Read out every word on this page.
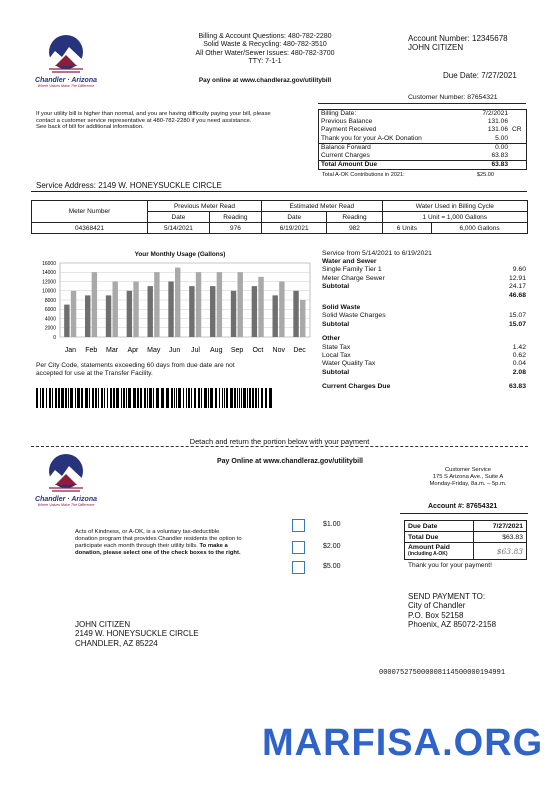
Chandler · Arizona
Where Values Make The Difference
Billing & Account Questions: 480-782-2280
Solid Waste & Recycling: 480-782-3510
All Other Water/Sewer Issues: 480-782-3700
TTY: 7-1-1
Pay online at www.chandleraz.gov/utilitybill
Account Number: 12345678
JOHN CITIZEN
Due Date: 7/27/2021
Customer Number: 87654321
If your utility bill is higher than normal, and you are having difficulty paying your bill, please contact a customer service representative at 480-782-2280 if you need assistance.
See back of bill for additional information.
Billing Date:	7/2/2021	
Previous Balance	131.06	
Payment Received	131.06	CR
Thank you for your A-OK Donation	5.00	
Balance Forward	0.00	
Current Charges	63.83	
Total Amount Due	63.83	
Total A-OK Contributions in 2021:	$25.00
Service Address: 2149 W. HONEYSUCKLE CIRCLE
Meter Number	Previous Meter Read		Estimated Meter Read		Water Used in Billing Cycle	
	Date	Reading	Date	Reading	1 Unit = 1,000 Gallons	
04368421	5/14/2021	976	6/19/2021	982	6 Units	6,000 Gallons
Your Monthly Usage (Gallons)
0
2000
4000
6000
8000
10000
12000
14000
16000
Jan Feb Mar Apr May Jun Jul Aug Sep Oct Nov Dec
Per City Code, statements exceeding 60 days from due date are not accepted for use at the Transfer Facility.
Service from 5/14/2021 to 6/19/2021
Water and Sewer	
Single Family Tier 1	9.60
Meter Charge Sewer	12.91
Subtotal	24.17
	46.68

Solid Waste	
Solid Waste Charges	15.07
Subtotal	15.07

Other	
State Tax	1.42
Local Tax	0.62
Water Quality Tax	0.04
Subtotal	2.08

Current Charges Due	63.83
Detach and return the portion below with your payment
Chandler · Arizona
Where Values Make The Difference
Pay Online at www.chandleraz.gov/utilitybill
Customer Service
175 S Arizona Ave., Suite A
Monday-Friday, 8a.m. – 5p.m.
Account #: 87654321
Acts of Kindness, or A-OK, is a voluntary tax-deductible donation program that provides Chandler residents the option to participate each month through their utility bills. To make a donation, please select one of the check boxes to the right.
$1.00
$2.00
$5.00
Due Date	7/27/2021
Total Due	$63.83

Amount Paid
(including A-OK)	$63.83
Thank you for your payment!
SEND PAYMENT TO:
City of Chandler
P.O. Box 52158
Phoenix, AZ 85072-2158
JOHN CITIZEN
2149 W. HONEYSUCKLE CIRCLE
CHANDLER, AZ 85224
000075275000008114500000194991
MARFISA.ORG
